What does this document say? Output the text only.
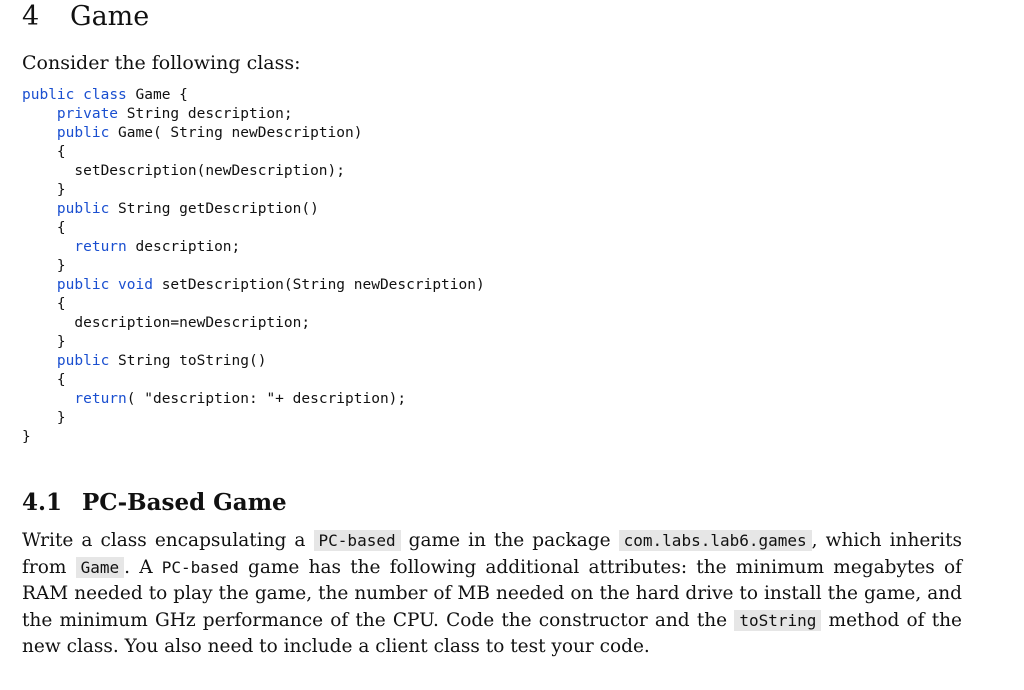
4 Game
Consider the following class:
public class Game {
private String description;
public Game( String newDescription)
{
setDescription(newDescription);
}
public String getDescription()
{
return description;
}
public void setDescription(String newDescription)
{
description=newDescription;
}
public String toString()
{
return( "description: "+ description);
}
}
4.1 PC-Based Game
Write a class encapsulating a PC-based game in the package com.labs.lab6.games , which inherits from Game . A PC-based game has the following additional attributes: the minimum megabytes of RAM needed to play the game, the number of MB needed on the hard drive to install the game, and the minimum GHz performance of the CPU. Code the constructor and the toString method of the new class. You also need to include a client class to test your code.
